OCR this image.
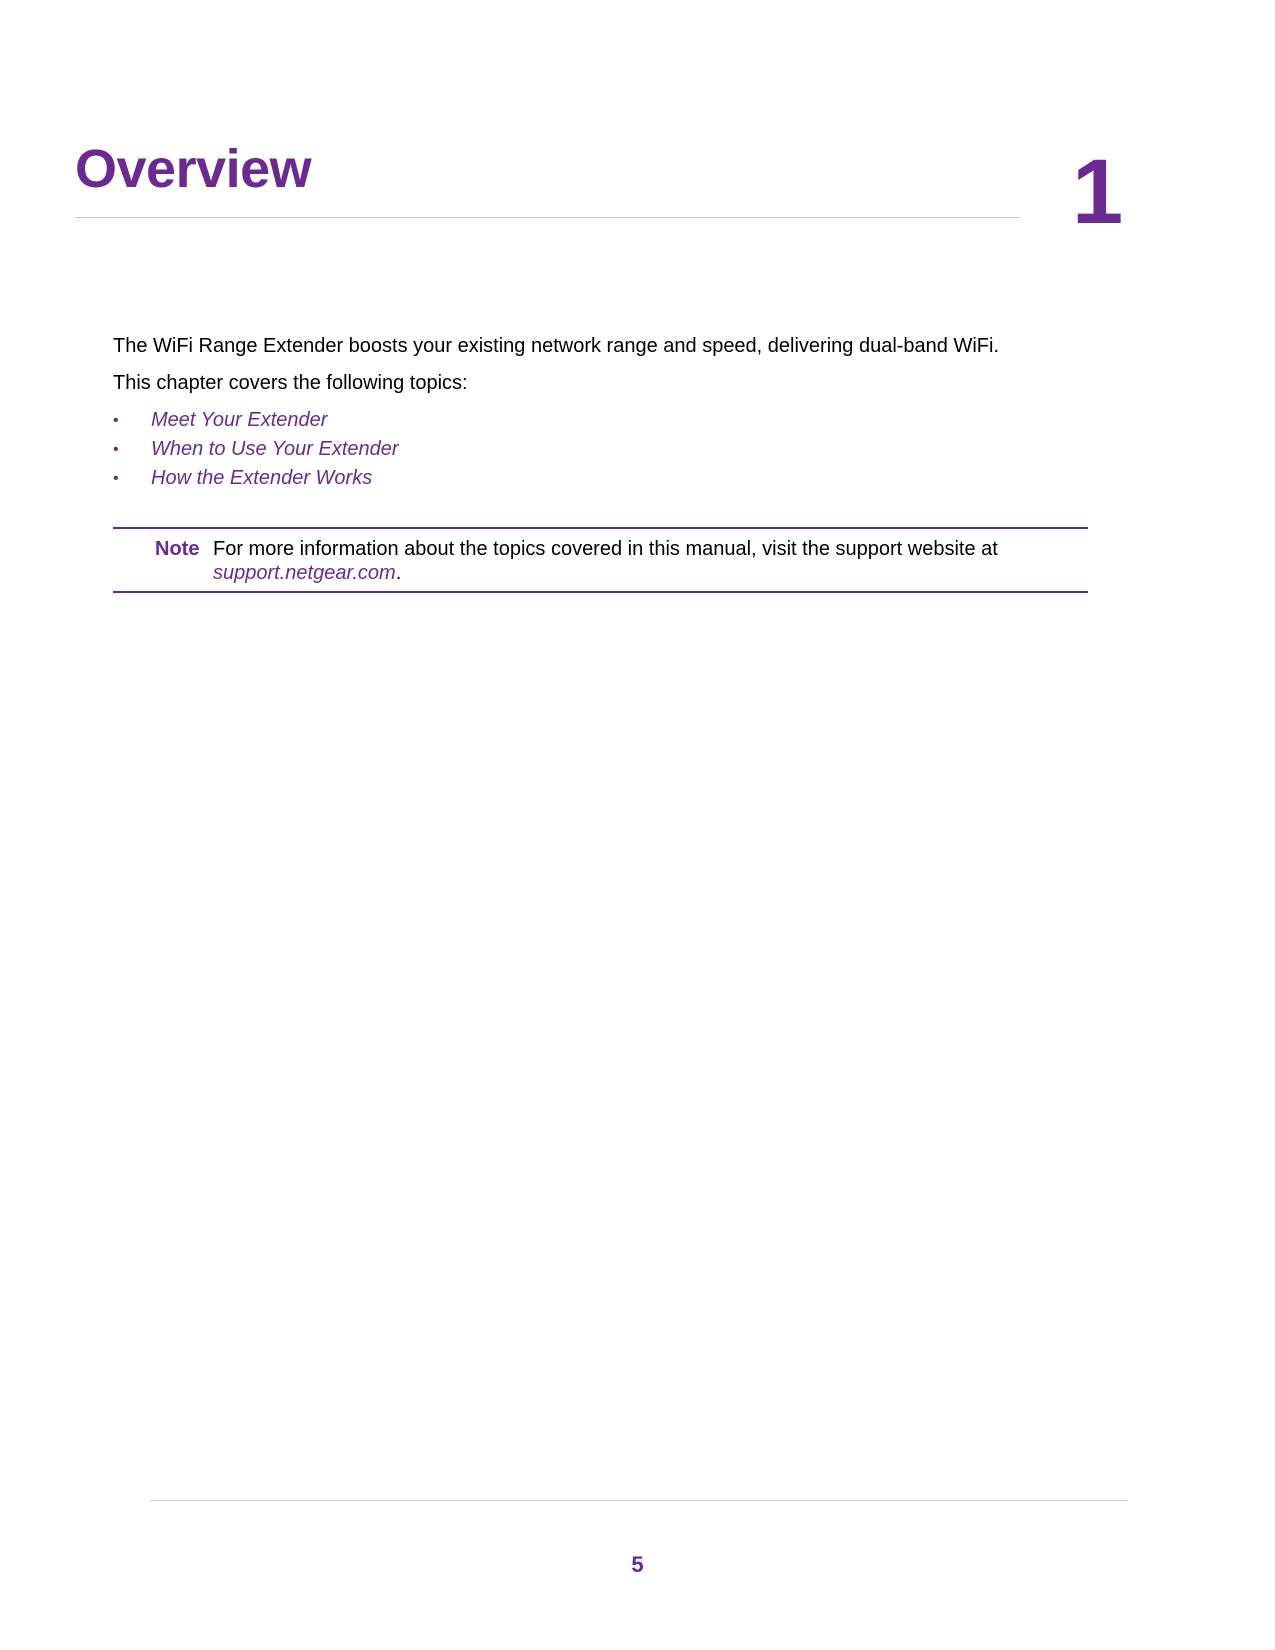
Overview	1

The WiFi Range Extender boosts your existing network range and speed, delivering dual-band WiFi.

This chapter covers the following topics:

• Meet Your Extender
• When to Use Your Extender
• How the Extender Works
Note For more information about the topics covered in this manual, visit the support website at
support.netgear.com.
5
